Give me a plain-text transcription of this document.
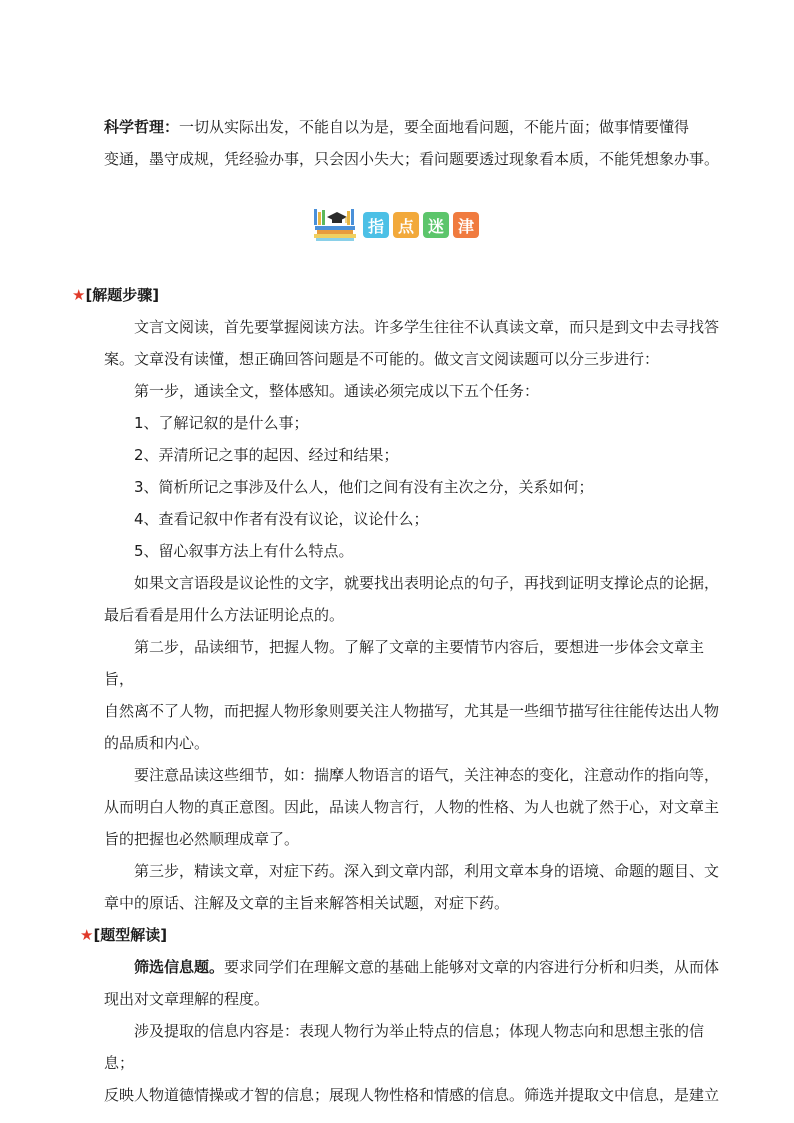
科学哲理：一切从实际出发，不能自以为是，要全面地看问题，不能片面；做事情要懂得
变通，墨守成规，凭经验办事，只会因小失大；看问题要透过现象看本质，不能凭想象办事。

指 点 迷 津

★[解题步骤]

文言文阅读，首先要掌握阅读方法。许多学生往往不认真读文章，而只是到文中去寻找答
案。文章没有读懂，想正确回答问题是不可能的。做文言文阅读题可以分三步进行：

第一步，通读全文，整体感知。通读必须完成以下五个任务：

1、了解记叙的是什么事；

2、弄清所记之事的起因、经过和结果；

3、简析所记之事涉及什么人，他们之间有没有主次之分，关系如何；

4、查看记叙中作者有没有议论，议论什么；

5、留心叙事方法上有什么特点。

如果文言语段是议论性的文字，就要找出表明论点的句子，再找到证明支撑论点的论据，
最后看看是用什么方法证明论点的。

第二步，品读细节，把握人物。了解了文章的主要情节内容后，要想进一步体会文章主旨，
自然离不了人物，而把握人物形象则要关注人物描写，尤其是一些细节描写往往能传达出人物
的品质和内心。

要注意品读这些细节，如：揣摩人物语言的语气，关注神态的变化，注意动作的指向等，
从而明白人物的真正意图。因此，品读人物言行，人物的性格、为人也就了然于心，对文章主
旨的把握也必然顺理成章了。

第三步，精读文章，对症下药。深入到文章内部，利用文章本身的语境、命题的题目、文
章中的原话、注解及文章的主旨来解答相关试题，对症下药。

★[题型解读]

筛选信息题。要求同学们在理解文意的基础上能够对文章的内容进行分析和归类，从而体
现出对文章理解的程度。

涉及提取的信息内容是：表现人物行为举止特点的信息；体现人物志向和思想主张的信息；
反映人物道德情操或才智的信息；展现人物性格和情感的信息。筛选并提取文中信息，是建立
